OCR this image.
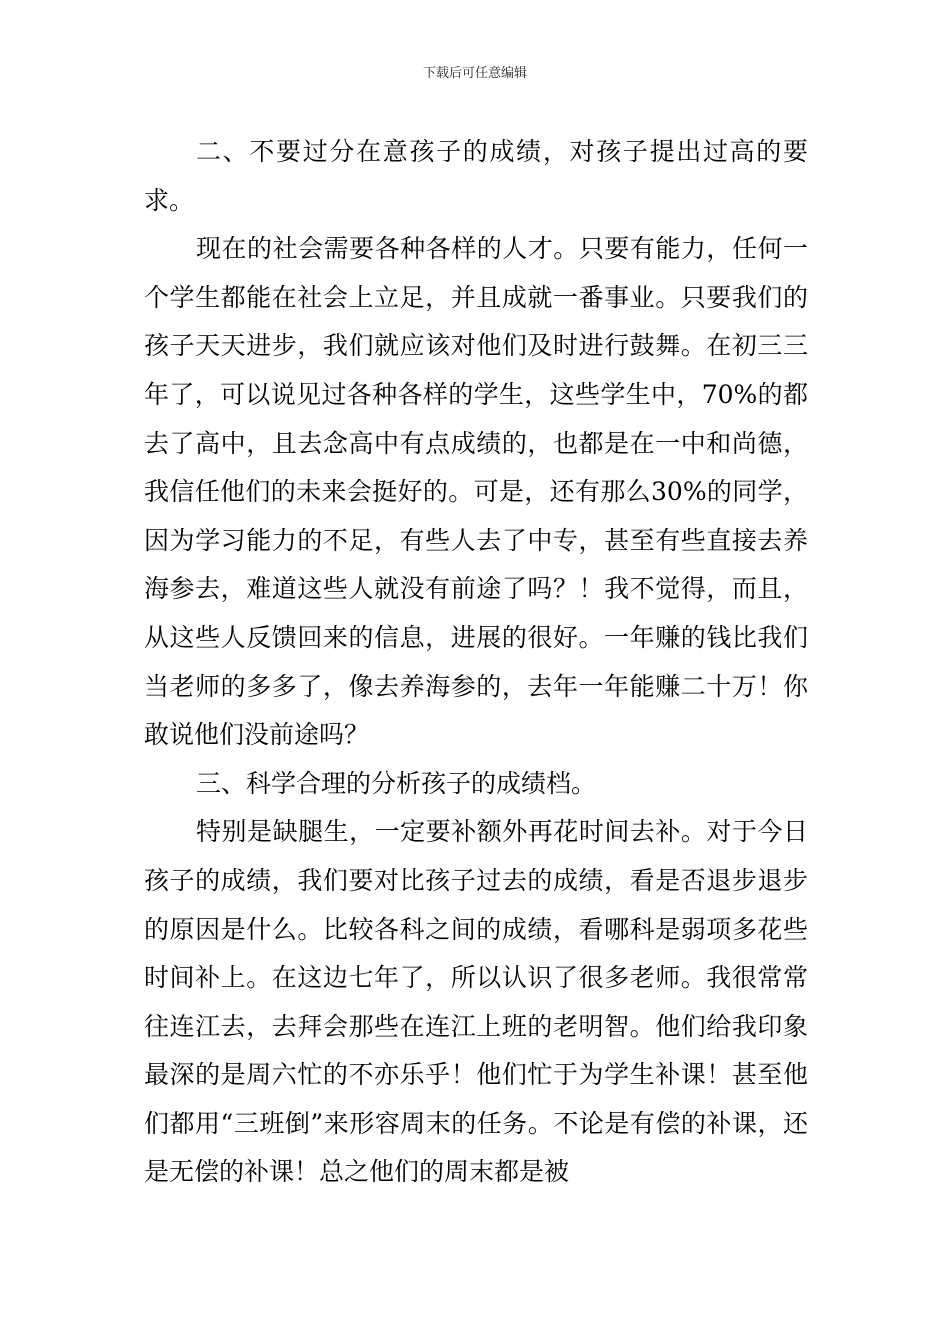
下载后可任意编辑

二、不要过分在意孩子的成绩，对孩子提出过高的要求。

现在的社会需要各种各样的人才。只要有能力，任何一个学生都能在社会上立足，并且成就一番事业。只要我们的孩子天天进步，我们就应该对他们及时进行鼓舞。在初三三年了，可以说见过各种各样的学生，这些学生中，70%的都去了高中，且去念高中有点成绩的，也都是在一中和尚德，我信任他们的未来会挺好的。可是，还有那么30%的同学，因为学习能力的不足，有些人去了中专，甚至有些直接去养海参去，难道这些人就没有前途了吗？！我不觉得，而且，从这些人反馈回来的信息，进展的很好。一年赚的钱比我们当老师的多多了，像去养海参的，去年一年能赚二十万！你敢说他们没前途吗？

三、科学合理的分析孩子的成绩档。

特别是缺腿生，一定要补额外再花时间去补。对于今日孩子的成绩，我们要对比孩子过去的成绩，看是否退步退步的原因是什么。比较各科之间的成绩，看哪科是弱项多花些时间补上。在这边七年了，所以认识了很多老师。我很常常往连江去，去拜会那些在连江上班的老明智。他们给我印象最深的是周六忙的不亦乐乎！他们忙于为学生补课！甚至他们都用“三班倒”来形容周末的任务。不论是有偿的补课，还是无偿的补课！总之他们的周末都是被
